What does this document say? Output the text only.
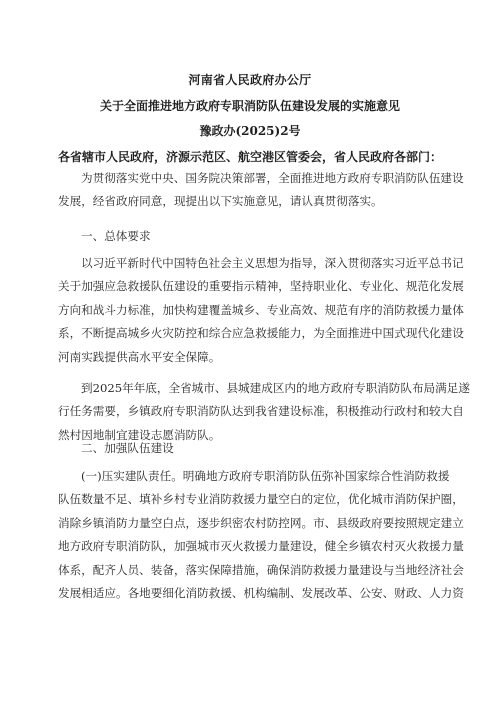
河南省人民政府办公厅
关于全面推进地方政府专职消防队伍建设发展的实施意见
豫政办(2025)2号
各省辖市人民政府，济源示范区、航空港区管委会，省人民政府各部门：
为贯彻落实党中央、国务院决策部署，全面推进地方政府专职消防队伍建设
发展，经省政府同意，现提出以下实施意见，请认真贯彻落实。
一、总体要求
以习近平新时代中国特色社会主义思想为指导，深入贯彻落实习近平总书记
关于加强应急救援队伍建设的重要指示精神，坚持职业化、专业化、规范化发展
方向和战斗力标准，加快构建覆盖城乡、专业高效、规范有序的消防救援力量体
系，不断提高城乡火灾防控和综合应急救援能力，为全面推进中国式现代化建设
河南实践提供高水平安全保障。
到2025年年底，全省城市、县城建成区内的地方政府专职消防队布局满足遂
行任务需要，乡镇政府专职消防队达到我省建设标准，积极推动行政村和较大自
然村因地制宜建设志愿消防队。
二、加强队伍建设
(一)压实建队责任。明确地方政府专职消防队伍弥补国家综合性消防救援
队伍数量不足、填补乡村专业消防救援力量空白的定位，优化城市消防保护圈，
消除乡镇消防力量空白点，逐步织密农村防控网。市、县级政府要按照规定建立
地方政府专职消防队，加强城市灭火救援力量建设，健全乡镇农村灭火救援力量
体系，配齐人员、装备，落实保障措施，确保消防救援力量建设与当地经济社会
发展相适应。各地要细化消防救援、机构编制、发展改革、公安、财政、人力资
